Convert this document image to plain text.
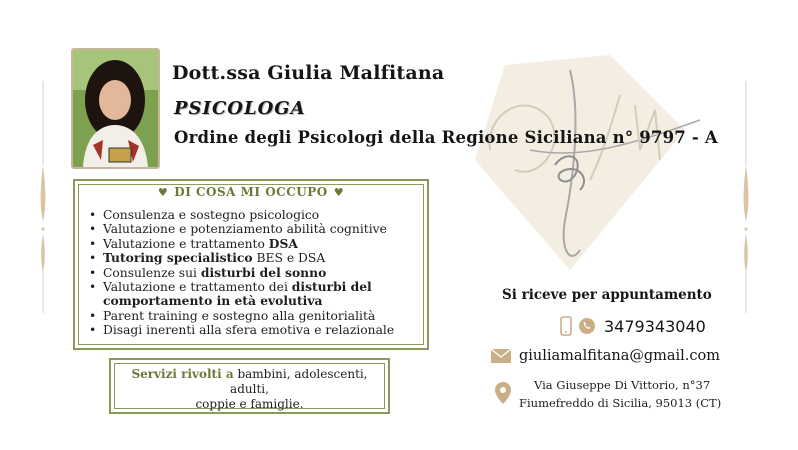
Dott.ssa Giulia Malfitana
PSICOLOGA
Ordine degli Psicologi della Regione Siciliana n° 9797 - A
♥ DI COSA MI OCCUPO ♥
• Consulenza e sostegno psicologico
• Valutazione e potenziamento abilità cognitive
• Valutazione e trattamento DSA
• Tutoring specialistico BES e DSA
• Consulenze sui disturbi del sonno
• Valutazione e trattamento dei disturbi del comportamento in età evolutiva
• Parent training e sostegno alla genitorialità
• Disagi inerenti alla sfera emotiva e relazionale
Servizi rivolti a bambini, adolescenti, adulti,
coppie e famiglie.
Si riceve per appuntamento
3479343040
giuliamalfitana@gmail.com
Via Giuseppe Di Vittorio, n°37
Fiumefreddo di Sicilia, 95013 (CT)
